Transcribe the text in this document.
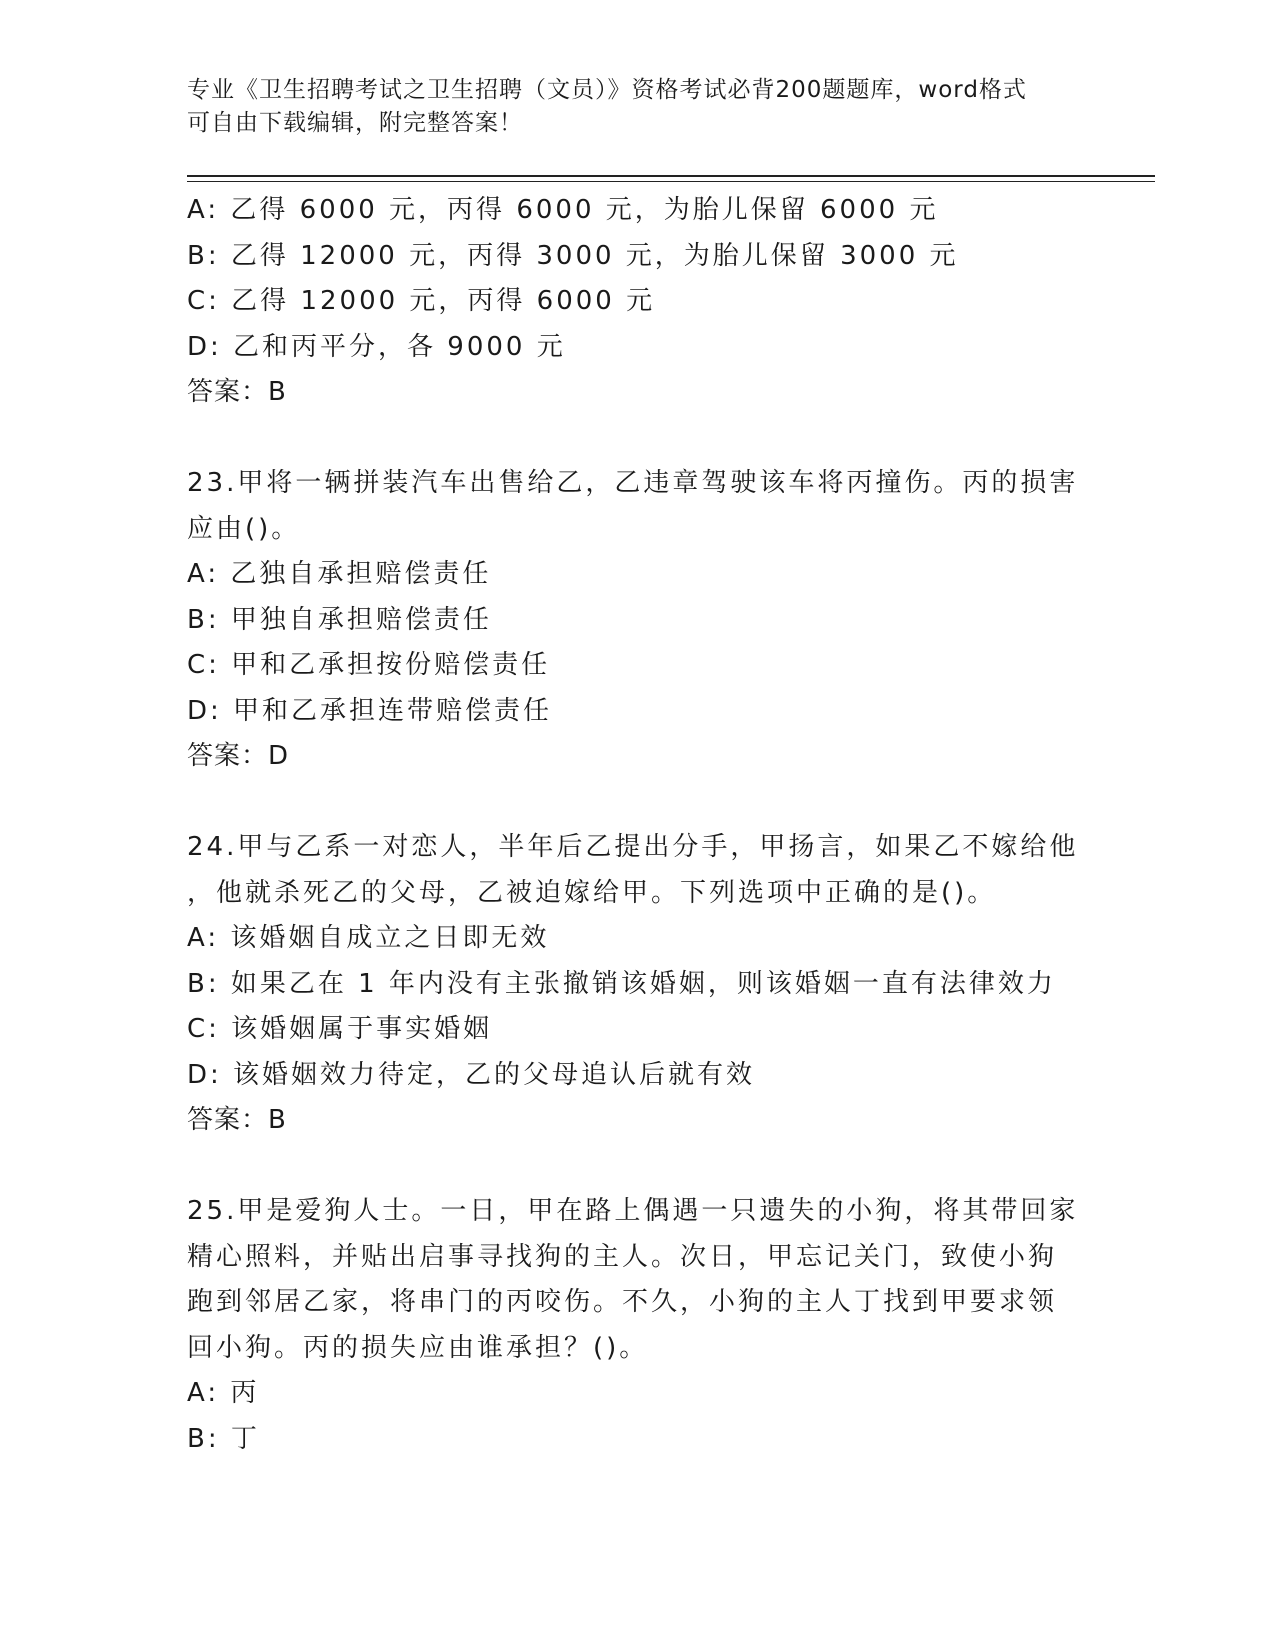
专业《卫生招聘考试之卫生招聘（文员）》资格考试必背200题题库，word格式
可自由下载编辑，附完整答案！
A: 乙得 6000 元，丙得 6000 元，为胎儿保留 6000 元
B: 乙得 12000 元，丙得 3000 元，为胎儿保留 3000 元
C: 乙得 12000 元，丙得 6000 元
D: 乙和丙平分，各 9000 元
答案：B
23.甲将一辆拼装汽车出售给乙，乙违章驾驶该车将丙撞伤。丙的损害
应由()。
A: 乙独自承担赔偿责任
B: 甲独自承担赔偿责任
C: 甲和乙承担按份赔偿责任
D: 甲和乙承担连带赔偿责任
答案：D
24.甲与乙系一对恋人，半年后乙提出分手，甲扬言，如果乙不嫁给他
，他就杀死乙的父母，乙被迫嫁给甲。下列选项中正确的是()。
A: 该婚姻自成立之日即无效
B: 如果乙在 1 年内没有主张撤销该婚姻，则该婚姻一直有法律效力
C: 该婚姻属于事实婚姻
D: 该婚姻效力待定，乙的父母追认后就有效
答案：B
25.甲是爱狗人士。一日，甲在路上偶遇一只遗失的小狗，将其带回家
精心照料，并贴出启事寻找狗的主人。次日，甲忘记关门，致使小狗
跑到邻居乙家，将串门的丙咬伤。不久，小狗的主人丁找到甲要求领
回小狗。丙的损失应由谁承担？()。
A: 丙
B: 丁
